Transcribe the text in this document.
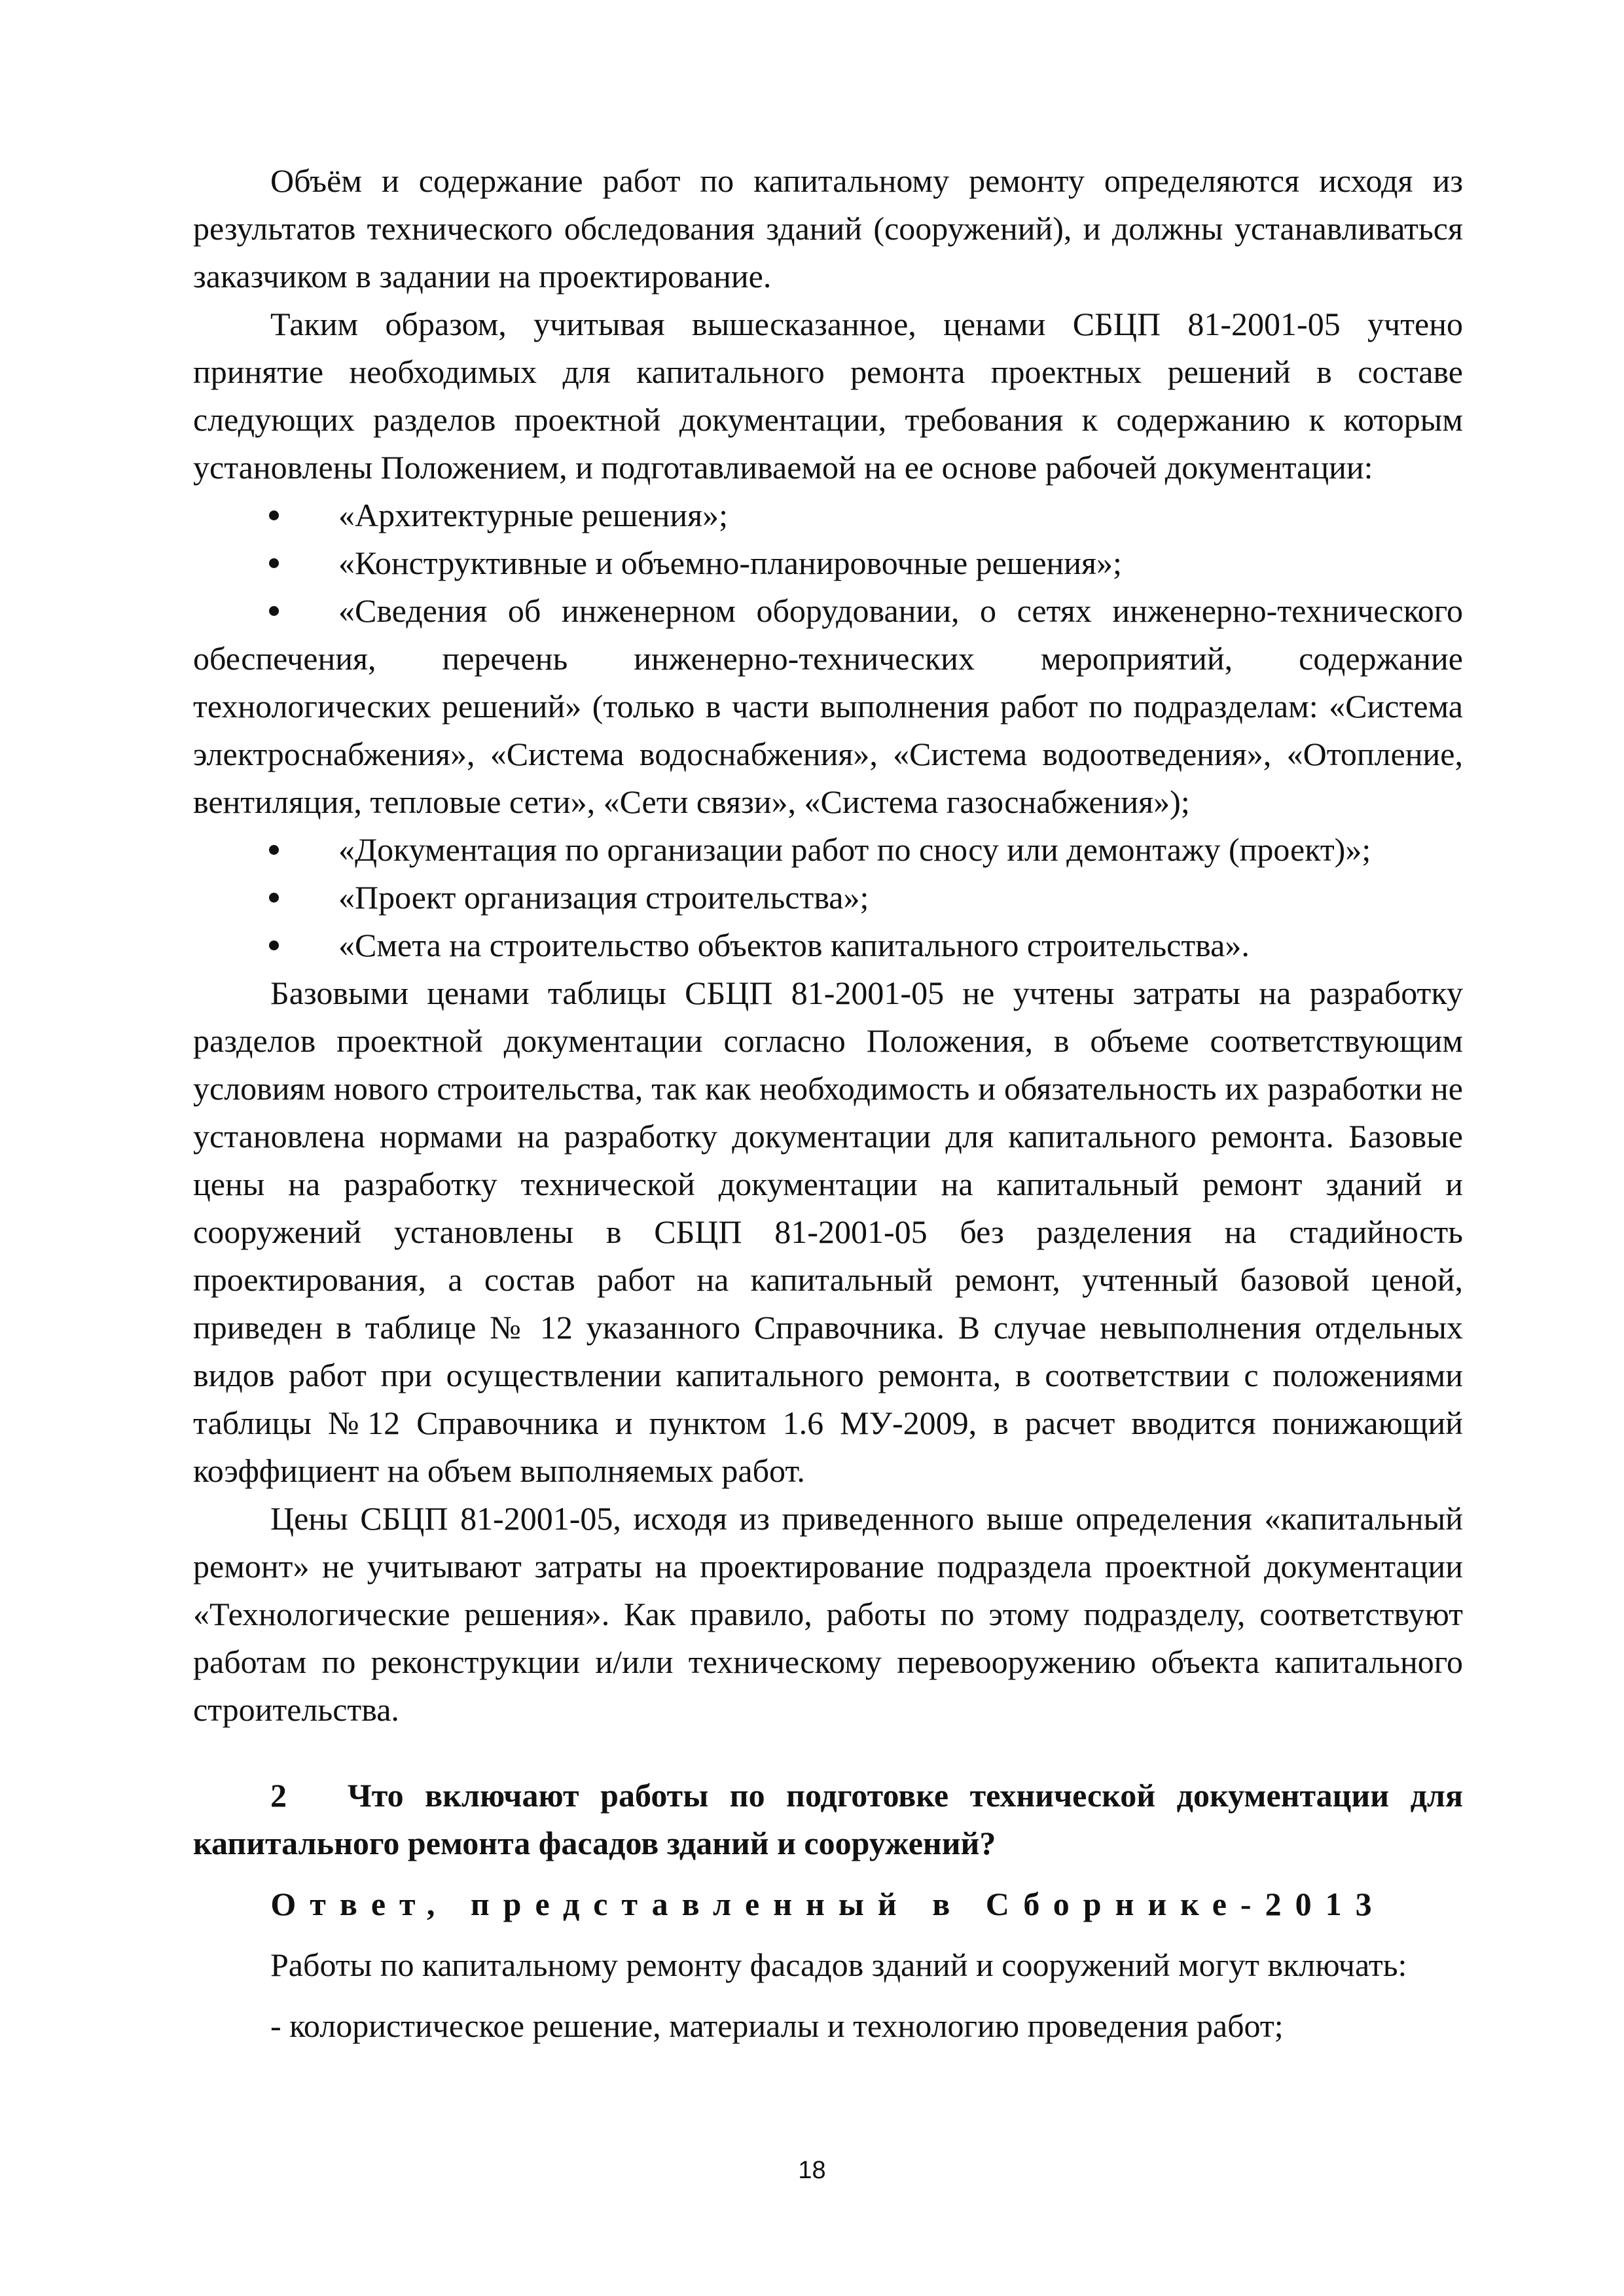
Объём и содержание работ по капитальному ремонту определяются исходя из результатов технического обследования зданий (сооружений), и должны устанавливаться заказчиком в задании на проектирование.

Таким образом, учитывая вышесказанное, ценами СБЦП 81-2001-05 учтено принятие необходимых для капитального ремонта проектных решений в составе следующих разделов проектной документации, требования к содержанию к которым установлены Положением, и подготавливаемой на ее основе рабочей документации:

«Архитектурные решения»;
«Конструктивные и объемно-планировочные решения»;
«Сведения об инженерном оборудовании, о сетях инженерно-технического обеспечения, перечень инженерно-технических мероприятий, содержание технологических решений» (только в части выполнения работ по подразделам: «Система электроснабжения», «Система водоснабжения», «Система водоотведения», «Отопление, вентиляция, тепловые сети», «Сети связи», «Система газоснабжения»);
«Документация по организации работ по сносу или демонтажу (проект)»;
«Проект организация строительства»;
«Смета на строительство объектов капитального строительства».

Базовыми ценами таблицы СБЦП 81-2001-05 не учтены затраты на разработку разделов проектной документации согласно Положения, в объеме соответствующим условиям нового строительства, так как необходимость и обязательность их разработки не установлена нормами на разработку документации для капитального ремонта. Базовые цены на разработку технической документации на капитальный ремонт зданий и сооружений установлены в СБЦП 81-2001-05 без разделения на стадийность проектирования, а состав работ на капитальный ремонт, учтенный базовой ценой, приведен в таблице № 12 указанного Справочника. В случае невыполнения отдельных видов работ при осуществлении капитального ремонта, в соответствии с положениями таблицы №12 Справочника и пунктом 1.6 МУ-2009, в расчет вводится понижающий коэффициент на объем выполняемых работ.

Цены СБЦП 81-2001-05, исходя из приведенного выше определения «капитальный ремонт» не учитывают затраты на проектирование подраздела проектной документации «Технологические решения». Как правило, работы по этому подразделу, соответствуют работам по реконструкции и/или техническому перевооружению объекта капитального строительства.

2 Что включают работы по подготовке технической документации для капитального ремонта фасадов зданий и сооружений?

Ответ, представленный в Сборнике-2013

Работы по капитальному ремонту фасадов зданий и сооружений могут включать:

- колористическое решение, материалы и технологию проведения работ;

18
